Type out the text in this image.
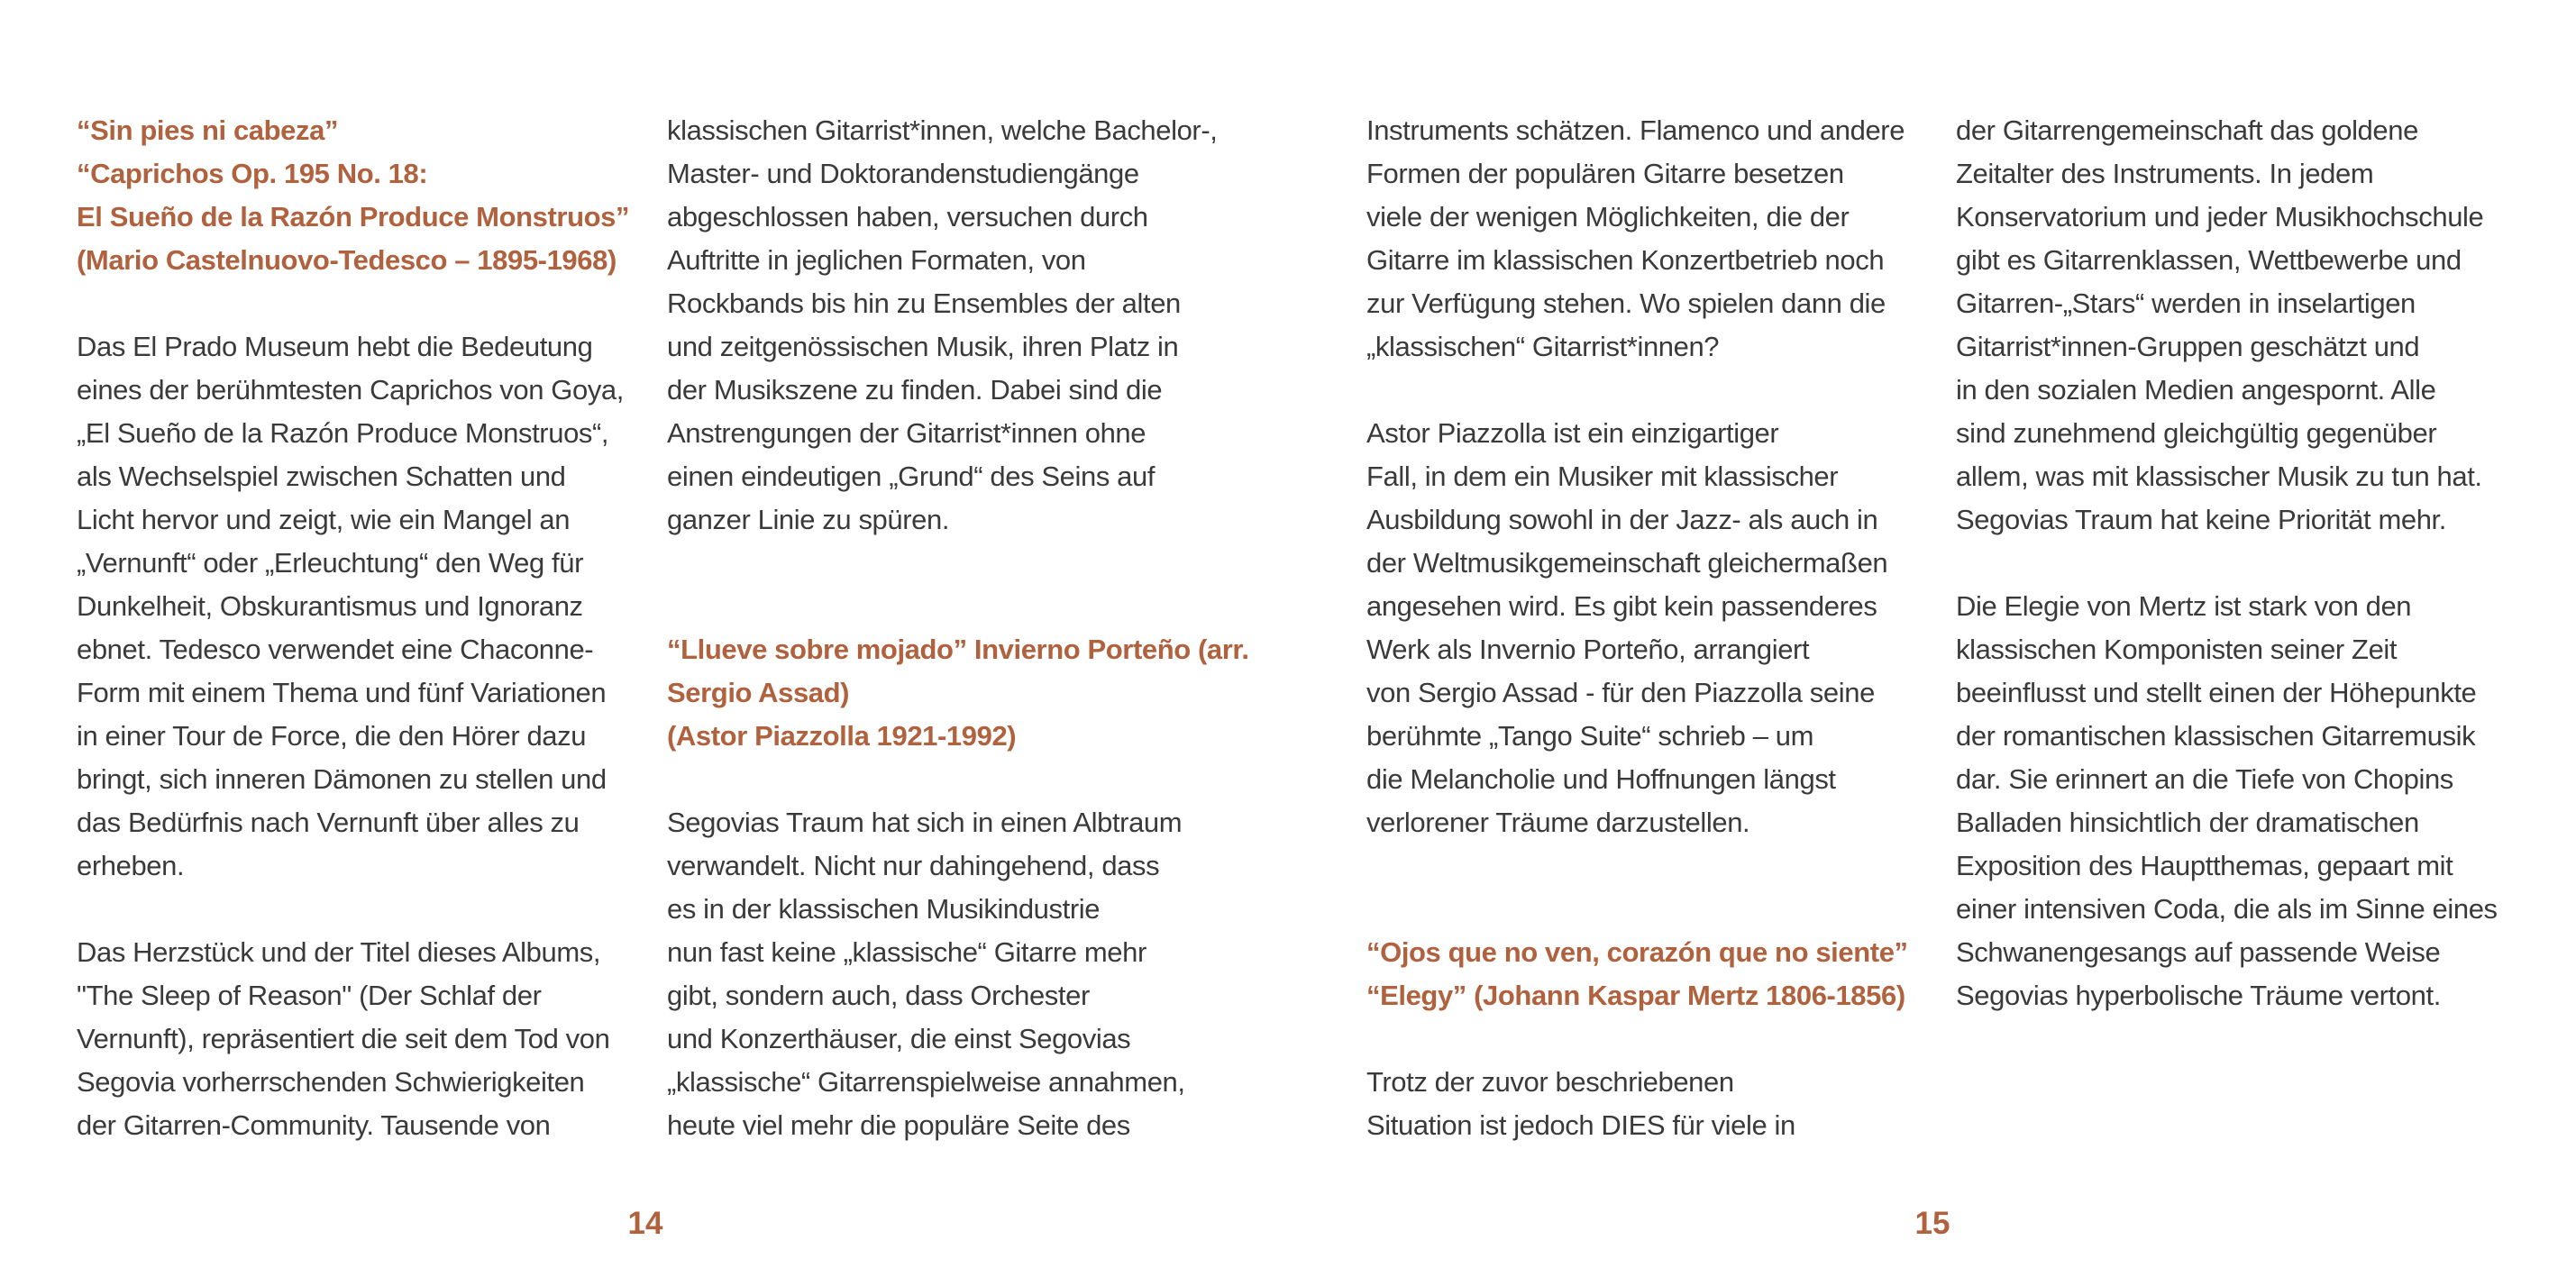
“Sin pies ni cabeza”
“Caprichos Op. 195 No. 18:
El Sueño de la Razón Produce Monstruos”
(Mario Castelnuovo-Tedesco – 1895-1968)
Das El Prado Museum hebt die Bedeutung
eines der berühmtesten Caprichos von Goya,
„El Sueño de la Razón Produce Monstruos“,
als Wechselspiel zwischen Schatten und
Licht hervor und zeigt, wie ein Mangel an
„Vernunft“ oder „Erleuchtung“ den Weg für
Dunkelheit, Obskurantismus und Ignoranz
ebnet. Tedesco verwendet eine Chaconne-
Form mit einem Thema und fünf Variationen
in einer Tour de Force, die den Hörer dazu
bringt, sich inneren Dämonen zu stellen und
das Bedürfnis nach Vernunft über alles zu
erheben.
Das Herzstück und der Titel dieses Albums,
"The Sleep of Reason" (Der Schlaf der
Vernunft), repräsentiert die seit dem Tod von
Segovia vorherrschenden Schwierigkeiten
der Gitarren-Community. Tausende von
klassischen Gitarrist*innen, welche Bachelor-,
Master- und Doktorandenstudiengänge
abgeschlossen haben, versuchen durch
Auftritte in jeglichen Formaten, von
Rockbands bis hin zu Ensembles der alten
und zeitgenössischen Musik, ihren Platz in
der Musikszene zu finden. Dabei sind die
Anstrengungen der Gitarrist*innen ohne
einen eindeutigen „Grund“ des Seins auf
ganzer Linie zu spüren.
“Llueve sobre mojado” Invierno Porteño (arr.
Sergio Assad)
(Astor Piazzolla 1921-1992)
Segovias Traum hat sich in einen Albtraum
verwandelt. Nicht nur dahingehend, dass
es in der klassischen Musikindustrie
nun fast keine „klassische“ Gitarre mehr
gibt, sondern auch, dass Orchester
und Konzerthäuser, die einst Segovias
„klassische“ Gitarrenspielweise annahmen,
heute viel mehr die populäre Seite des
Instruments schätzen. Flamenco und andere
Formen der populären Gitarre besetzen
viele der wenigen Möglichkeiten, die der
Gitarre im klassischen Konzertbetrieb noch
zur Verfügung stehen. Wo spielen dann die
„klassischen“ Gitarrist*innen?
Astor Piazzolla ist ein einzigartiger
Fall, in dem ein Musiker mit klassischer
Ausbildung sowohl in der Jazz- als auch in
der Weltmusikgemeinschaft gleichermaßen
angesehen wird. Es gibt kein passenderes
Werk als Invernio Porteño, arrangiert
von Sergio Assad - für den Piazzolla seine
berühmte „Tango Suite“ schrieb – um
die Melancholie und Hoffnungen längst
verlorener Träume darzustellen.
“Ojos que no ven, corazón que no siente”
“Elegy” (Johann Kaspar Mertz 1806-1856)
Trotz der zuvor beschriebenen
Situation ist jedoch DIES für viele in
der Gitarrengemeinschaft das goldene
Zeitalter des Instruments. In jedem
Konservatorium und jeder Musikhochschule
gibt es Gitarrenklassen, Wettbewerbe und
Gitarren-„Stars“ werden in inselartigen
Gitarrist*innen-Gruppen geschätzt und
in den sozialen Medien angespornt. Alle
sind zunehmend gleichgültig gegenüber
allem, was mit klassischer Musik zu tun hat.
Segovias Traum hat keine Priorität mehr.
Die Elegie von Mertz ist stark von den
klassischen Komponisten seiner Zeit
beeinflusst und stellt einen der Höhepunkte
der romantischen klassischen Gitarremusik
dar. Sie erinnert an die Tiefe von Chopins
Balladen hinsichtlich der dramatischen
Exposition des Hauptthemas, gepaart mit
einer intensiven Coda, die als im Sinne eines
Schwanengesangs auf passende Weise
Segovias hyperbolische Träume vertont.
14	15
